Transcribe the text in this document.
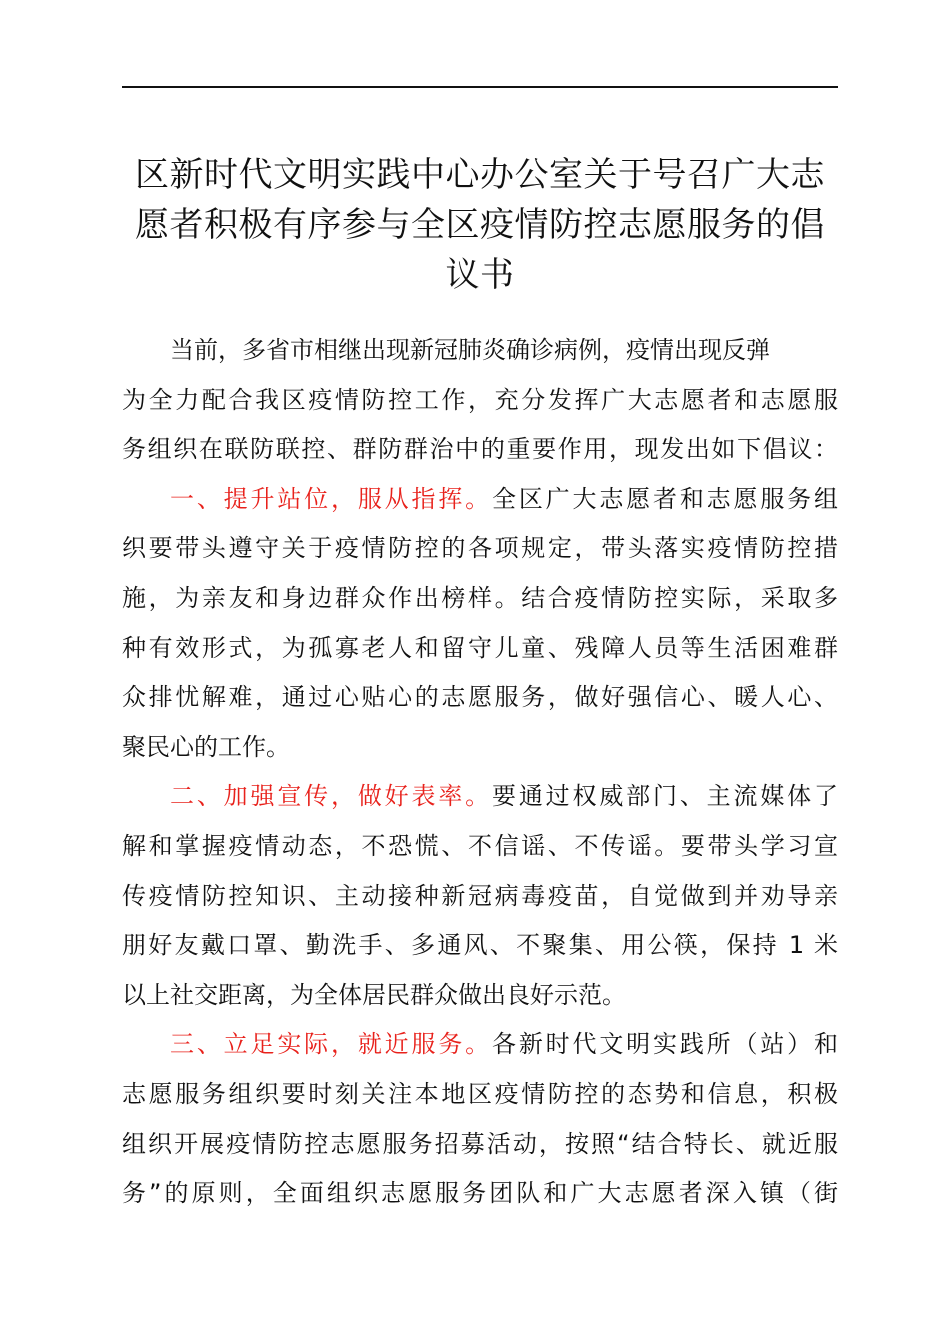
区新时代文明实践中心办公室关于号召广大志
愿者积极有序参与全区疫情防控志愿服务的倡
议书
当前，多省市相继出现新冠肺炎确诊病例，疫情出现反弹
为全力配合我区疫情防控工作，充分发挥广大志愿者和志愿服
务组织在联防联控、群防群治中的重要作用，现发出如下倡议：
一、提升站位，服从指挥。全区广大志愿者和志愿服务组
织要带头遵守关于疫情防控的各项规定，带头落实疫情防控措
施，为亲友和身边群众作出榜样。结合疫情防控实际，采取多
种有效形式，为孤寡老人和留守儿童、残障人员等生活困难群
众排忧解难，通过心贴心的志愿服务，做好强信心、暖人心、
聚民心的工作。
二、加强宣传，做好表率。要通过权威部门、主流媒体了
解和掌握疫情动态，不恐慌、不信谣、不传谣。要带头学习宣
传疫情防控知识、主动接种新冠病毒疫苗，自觉做到并劝导亲
朋好友戴口罩、勤洗手、多通风、不聚集、用公筷，保持 1 米
以上社交距离，为全体居民群众做出良好示范。
三、立足实际，就近服务。各新时代文明实践所（站）和
志愿服务组织要时刻关注本地区疫情防控的态势和信息，积极
组织开展疫情防控志愿服务招募活动，按照“结合特长、就近服
务”的原则，全面组织志愿服务团队和广大志愿者深入镇（街
